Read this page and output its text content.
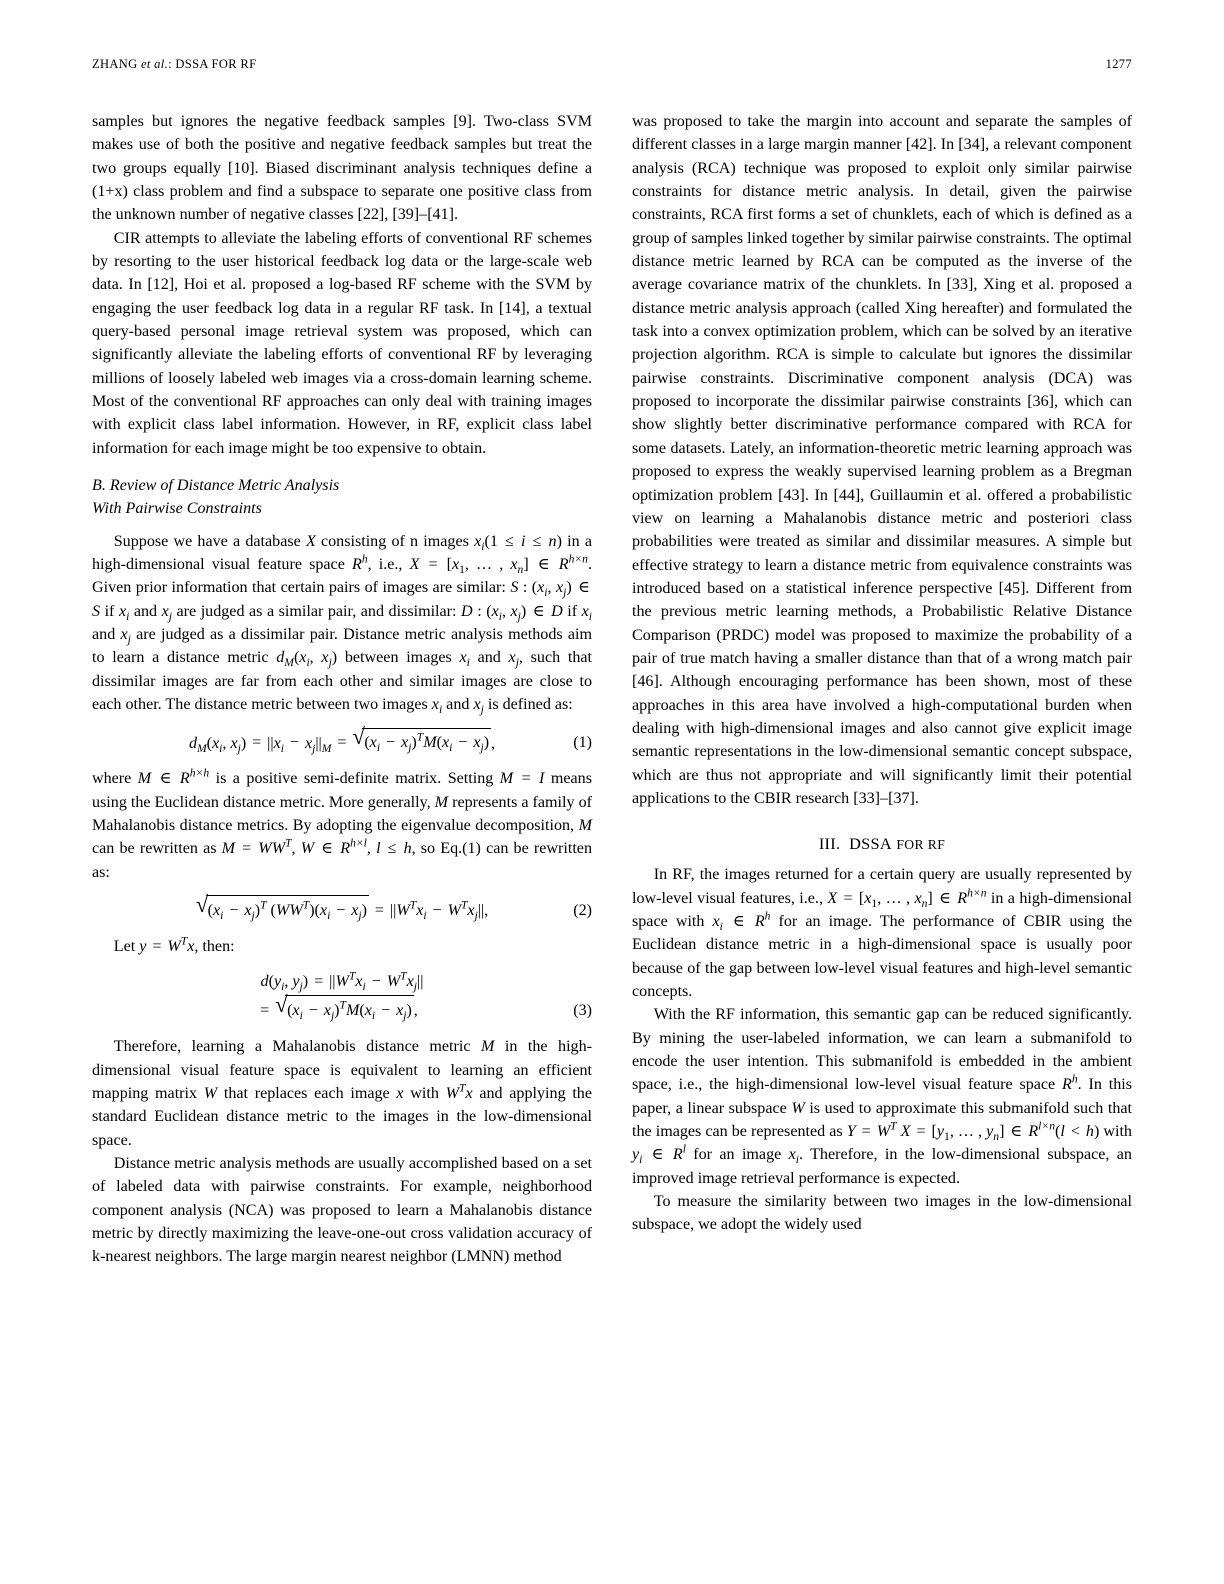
ZHANG et al.: DSSA FOR RF	1277

samples but ignores the negative feedback samples [9]. Two-class SVM makes use of both the positive and negative feedback samples but treat the two groups equally [10]. Biased discriminant analysis techniques define a (1+x) class problem and find a subspace to separate one positive class from the unknown number of negative classes [22], [39]–[41].

CIR attempts to alleviate the labeling efforts of conventional RF schemes by resorting to the user historical feedback log data or the large-scale web data. In [12], Hoi et al. proposed a log-based RF scheme with the SVM by engaging the user feedback log data in a regular RF task. In [14], a textual query-based personal image retrieval system was proposed, which can significantly alleviate the labeling efforts of conventional RF by leveraging millions of loosely labeled web images via a cross-domain learning scheme. Most of the conventional RF approaches can only deal with training images with explicit class label information. However, in RF, explicit class label information for each image might be too expensive to obtain.

B. Review of Distance Metric Analysis
With Pairwise Constraints

Suppose we have a database X consisting of n images $x_i(1 \le i \le n)$ in a high-dimensional visual feature space $R^h$, i.e., $X = [x_1$, … , $x_n$] ∈ $R^{h\times n}$. Given prior information that certain pairs of images are similar: S : ($x_i$, $x_j$) ∈ S if $x_i$ and $x_j$ are judged as a similar pair, and dissimilar: D : ($x_i$, $x_j$) ∈ D if $x_i$ and $x_j$ are judged as a dissimilar pair. Distance metric analysis methods aim to learn a distance metric $d_M(x_i$, $x_j$) between images $x_i$ and $x_j$, such that dissimilar images are far from each other and similar images are close to each other. The distance metric between two images $x_i$ and $x_j$ is defined as:

$d_M(x_i$, $x_j) = ||x_i - x_j||_M$ = √ $(x_i - x_j)^TM(x_i - x_j)$ ,	(1)

where M ∈ $R^{h\times h}$ is a positive semi-definite matrix. Setting M = I means using the Euclidean distance metric. More generally, M represents a family of Mahalanobis distance metrics. By adopting the eigenvalue decomposition, M can be rewritten as $M = WW^T$, W ∈ $R^{h\times l}$, l ≤ h, so Eq.(1) can be rewritten as:

√ $(x_i - x_j)^T$ $(WW^T)(x_i - x_j) = ||W^Tx_i - W^Tx_j||$,	(2)

Let $y = W^Tx$, then:

$d(y_i$, $y_j) = ||W^Tx_i - W^Tx_j||$
= √ $(x_i - x_j)^TM(x_i - x_j)$ ,	(3)

Therefore, learning a Mahalanobis distance metric M in the high-dimensional visual feature space is equivalent to learning an efficient mapping matrix W that replaces each image x with $W^Tx$ and applying the standard Euclidean distance metric to the images in the low-dimensional space.

Distance metric analysis methods are usually accomplished based on a set of labeled data with pairwise constraints. For example, neighborhood component analysis (NCA) was proposed to learn a Mahalanobis distance metric by directly maximizing the leave-one-out cross validation accuracy of k-nearest neighbors. The large margin nearest neighbor (LMNN) method

was proposed to take the margin into account and separate the samples of different classes in a large margin manner [42]. In [34], a relevant component analysis (RCA) technique was proposed to exploit only similar pairwise constraints for distance metric analysis. In detail, given the pairwise constraints, RCA first forms a set of chunklets, each of which is defined as a group of samples linked together by similar pairwise constraints. The optimal distance metric learned by RCA can be computed as the inverse of the average covariance matrix of the chunklets. In [33], Xing et al. proposed a distance metric analysis approach (called Xing hereafter) and formulated the task into a convex optimization problem, which can be solved by an iterative projection algorithm. RCA is simple to calculate but ignores the dissimilar pairwise constraints. Discriminative component analysis (DCA) was proposed to incorporate the dissimilar pairwise constraints [36], which can show slightly better discriminative performance compared with RCA for some datasets. Lately, an information-theoretic metric learning approach was proposed to express the weakly supervised learning problem as a Bregman optimization problem [43]. In [44], Guillaumin et al. offered a probabilistic view on learning a Mahalanobis distance metric and posteriori class probabilities were treated as similar and dissimilar measures. A simple but effective strategy to learn a distance metric from equivalence constraints was introduced based on a statistical inference perspective [45]. Different from the previous metric learning methods, a Probabilistic Relative Distance Comparison (PRDC) model was proposed to maximize the probability of a pair of true match having a smaller distance than that of a wrong match pair [46]. Although encouraging performance has been shown, most of these approaches in this area have involved a high-computational burden when dealing with high-dimensional images and also cannot give explicit image semantic representations in the low-dimensional semantic concept subspace, which are thus not appropriate and will significantly limit their potential applications to the CBIR research [33]–[37].

III. DSSA FOR RF

In RF, the images returned for a certain query are usually represented by low-level visual features, i.e., $X = [x_1$, … , $x_n$] ∈ $R^{h\times n}$ in a high-dimensional space with $x_i$ ∈ $R^h$ for an image. The performance of CBIR using the Euclidean distance metric in a high-dimensional space is usually poor because of the gap between low-level visual features and high-level semantic concepts.

With the RF information, this semantic gap can be reduced significantly. By mining the user-labeled information, we can learn a submanifold to encode the user intention. This submanifold is embedded in the ambient space, i.e., the high-dimensional low-level visual feature space $R^h$. In this paper, a linear subspace W is used to approximate this submanifold such that the images can be represented as $Y = W^T$ $X = [y_1$, … , $y_n$] ∈ $R^{l\times n}(l < h)$ with $y_i$ ∈ $R^l$ for an image $x_i$. Therefore, in the low-dimensional subspace, an improved image retrieval performance is expected.

To measure the similarity between two images in the low-dimensional subspace, we adopt the widely used
